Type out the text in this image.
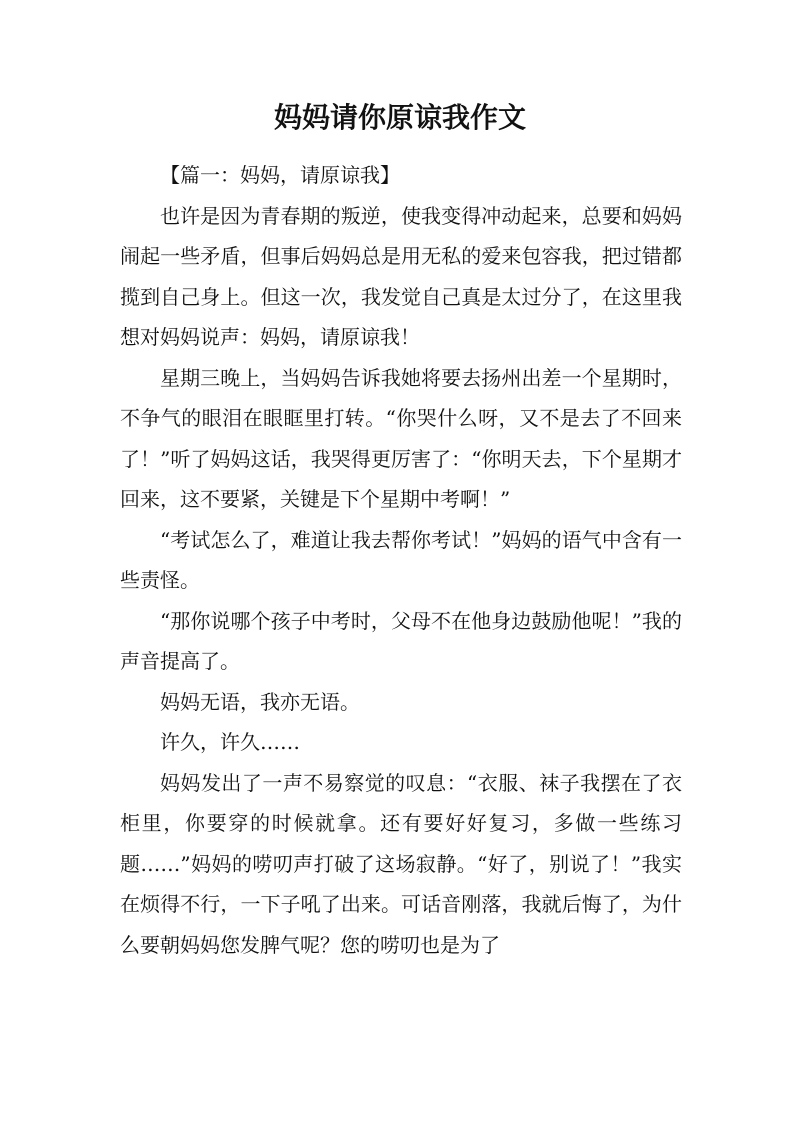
妈妈请你原谅我作文

【篇一：妈妈，请原谅我】

也许是因为青春期的叛逆，使我变得冲动起来，总要和妈妈闹起一些矛盾，但事后妈妈总是用无私的爱来包容我，把过错都揽到自己身上。但这一次，我发觉自己真是太过分了，在这里我想对妈妈说声：妈妈，请原谅我！

星期三晚上，当妈妈告诉我她将要去扬州出差一个星期时，不争气的眼泪在眼眶里打转。“你哭什么呀，又不是去了不回来了！”听了妈妈这话，我哭得更厉害了：“你明天去，下个星期才回来，这不要紧，关键是下个星期中考啊！”

“考试怎么了，难道让我去帮你考试！”妈妈的语气中含有一些责怪。

“那你说哪个孩子中考时，父母不在他身边鼓励他呢！”我的声音提高了。

妈妈无语，我亦无语。

许久，许久……

妈妈发出了一声不易察觉的叹息：“衣服、袜子我摆在了衣柜里，你要穿的时候就拿。还有要好好复习，多做一些练习题……”妈妈的唠叨声打破了这场寂静。“好了，别说了！”我实在烦得不行，一下子吼了出来。可话音刚落，我就后悔了，为什么要朝妈妈您发脾气呢？您的唠叨也是为了
